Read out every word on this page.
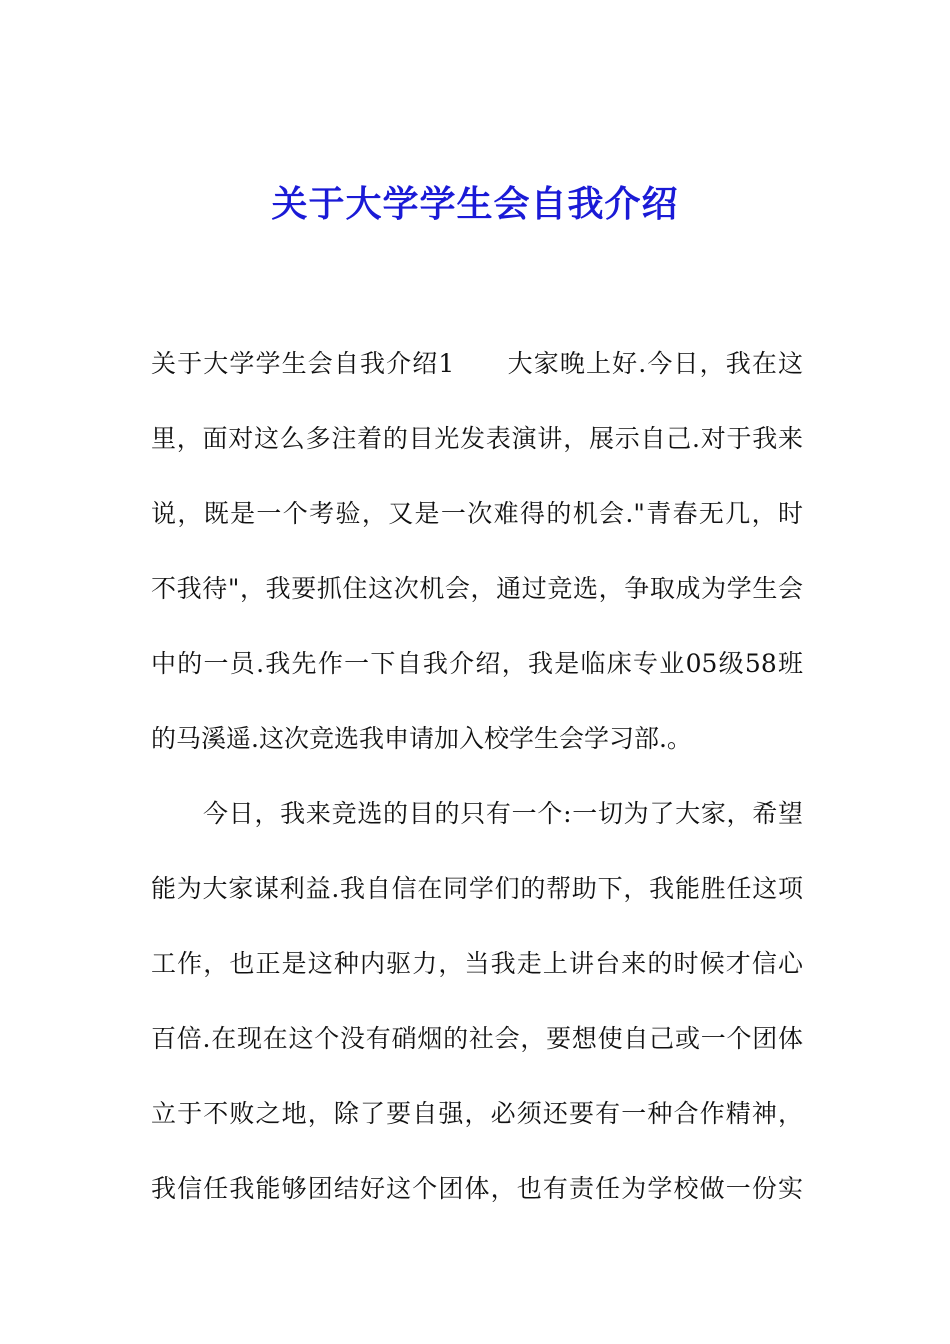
关于大学学生会自我介绍
关于大学学生会自我介绍1　　大家晚上好.今日，我在这
里，面对这么多注着的目光发表演讲，展示自己.对于我来
说，既是一个考验，又是一次难得的机会."青春无几，时
不我待"，我要抓住这次机会，通过竞选，争取成为学生会
中的一员.我先作一下自我介绍，我是临床专业05级58班
的马溪遥.这次竞选我申请加入校学生会学习部.。
今日，我来竞选的目的只有一个:一切为了大家，希望
能为大家谋利益.我自信在同学们的帮助下，我能胜任这项
工作，也正是这种内驱力，当我走上讲台来的时候才信心
百倍.在现在这个没有硝烟的社会，要想使自己或一个团体
立于不败之地，除了要自强，必须还要有一种合作精神，
我信任我能够团结好这个团体，也有责任为学校做一份实
